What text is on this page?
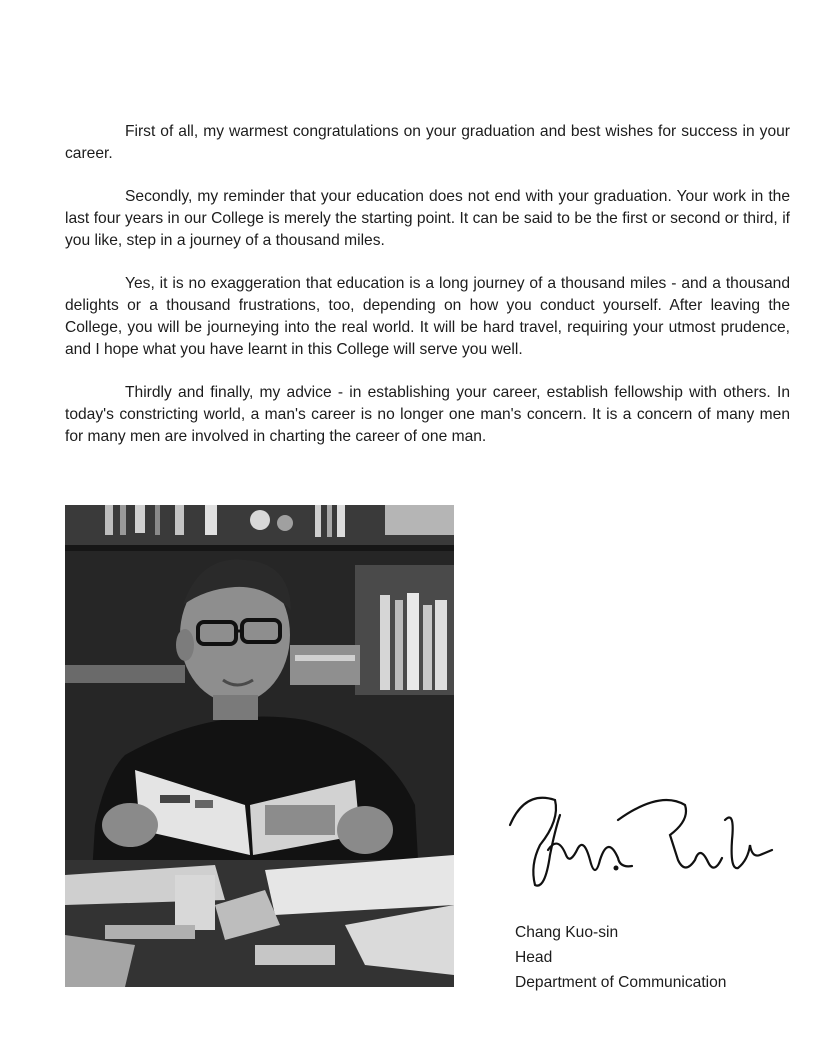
First of all, my warmest congratulations on your graduation and best wishes for success in your career.

Secondly, my reminder that your education does not end with your graduation. Your work in the last four years in our College is merely the starting point. It can be said to be the first or second or third, if you like, step in a journey of a thousand miles.

Yes, it is no exaggeration that education is a long journey of a thousand miles - and a thousand delights or a thousand frustrations, too, depending on how you conduct yourself. After leaving the College, you will be journeying into the real world. It will be hard travel, requiring your utmost prudence, and I hope what you have learnt in this College will serve you well.

Thirdly and finally, my advice - in establishing your career, establish fellowship with others. In today's constricting world, a man's career is no longer one man's concern. It is a concern of many men for many men are involved in charting the career of one man.

Chang Kuo-sin
Head
Department of Communication
